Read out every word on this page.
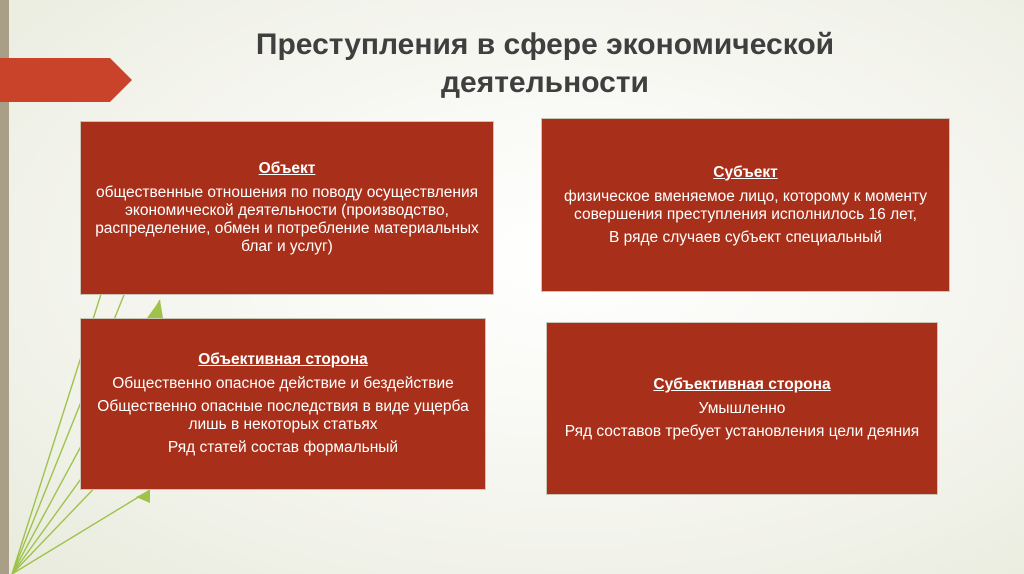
Преступления в сфере экономической
деятельности
Объект
общественные отношения по поводу осуществления экономической деятельности (производство, распределение, обмен и потребление материальных благ и услуг)
Субъект
физическое вменяемое лицо, которому к моменту совершения преступления исполнилось 16 лет,
В ряде случаев субъект специальный
Объективная сторона
Общественно опасное действие и бездействие
Общественно опасные последствия в виде ущерба лишь в некоторых статьях
Ряд статей состав формальный
Субъективная сторона
Умышленно
Ряд составов требует установления цели деяния
